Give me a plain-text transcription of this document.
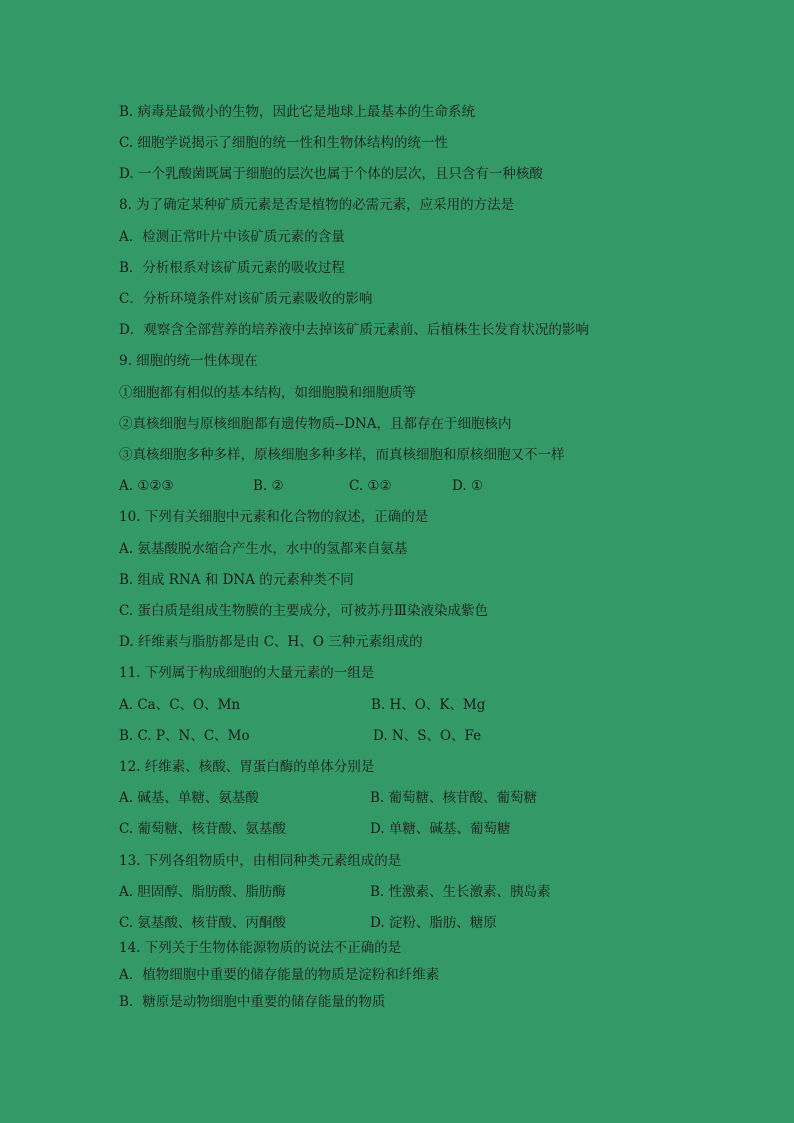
B. 病毒是最微小的生物，因此它是地球上最基本的生命系统
C. 细胞学说揭示了细胞的统一性和生物体结构的统一性
D. 一个乳酸菌既属于细胞的层次也属于个体的层次，且只含有一种核酸
8. 为了确定某种矿质元素是否是植物的必需元素，应采用的方法是
A．检测正常叶片中该矿质元素的含量
B．分析根系对该矿质元素的吸收过程
C．分析环境条件对该矿质元素吸收的影响
D．观察含全部营养的培养液中去掉该矿质元素前、后植株生长发育状况的影响
9. 细胞的统一性体现在
①细胞都有相似的基本结构，如细胞膜和细胞质等
②真核细胞与原核细胞都有遗传物质--DNA，且都存在于细胞核内
③真核细胞多种多样，原核细胞多种多样，而真核细胞和原核细胞又不一样
A. ①②③	B. ②	C. ①②	D. ①
10. 下列有关细胞中元素和化合物的叙述，正确的是
A. 氨基酸脱水缩合产生水，水中的氢都来自氨基
B. 组成 RNA 和 DNA 的元素种类不同
C. 蛋白质是组成生物膜的主要成分，可被苏丹Ⅲ染液染成紫色
D. 纤维素与脂肪都是由 C、H、O 三种元素组成的
11. 下列属于构成细胞的大量元素的一组是
A. Ca、C、O、Mn	B. H、O、K、Mg
B. C. P、N、C、Mo	D. N、S、O、Fe
12. 纤维素、核酸、胃蛋白酶的单体分别是
A. 碱基、单糖、氨基酸	B. 葡萄糖、核苷酸、葡萄糖
C. 葡萄糖、核苷酸、氨基酸	D. 单糖、碱基、葡萄糖
13. 下列各组物质中，由相同种类元素组成的是
A. 胆固醇、脂肪酸、脂肪酶	B. 性激素、生长激素、胰岛素
C. 氨基酸、核苷酸、丙酮酸	D. 淀粉、脂肪、糖原
14. 下列关于生物体能源物质的说法不正确的是
A．植物细胞中重要的储存能量的物质是淀粉和纤维素
B．糖原是动物细胞中重要的储存能量的物质
